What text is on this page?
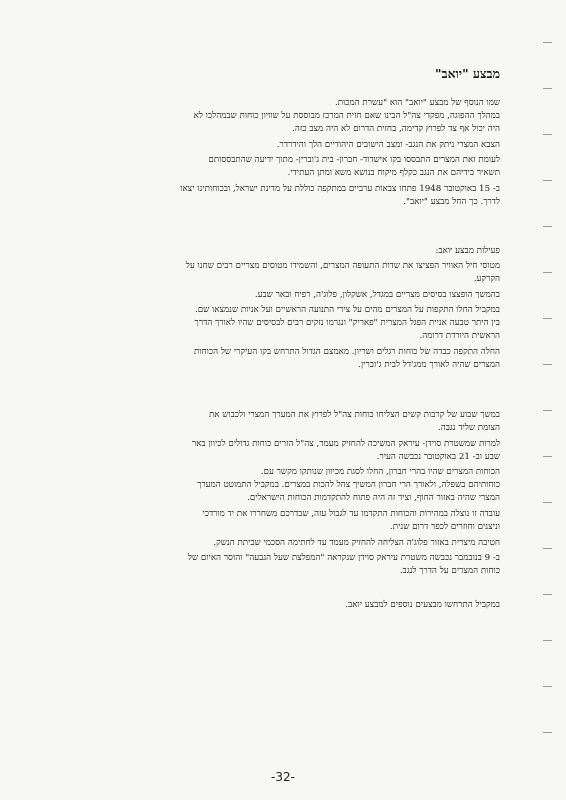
מבצע "יואב"
שמו הנוסף של מבצע "יואב" הוא "עשרת המכות.
במהלך ההפוגה, מפקדי צה"ל הבינו שאם חזית המרכז מבוססת על שוויון כוחות שבמהלכו לא
היה יכול אף צד לפרוץ קדימה, בחזית הדרום לא היה מצב כזה.
הצבא המצרי ניתק את הנגב- ומצב הישובים היהודיים הלך והידרדר.
לעומת זאת המצרים התבססו בקו אישדוד- חברון- בית ג'וברין- מתוך ידיעה שהתבססותם
תשאיר בידיהם את הנגב כקלף מיקוח בנושא משא ומתן העתידי.
ב- 15 באוקטובר 1948 פתחו צבאות ערביים במתקפה כוללת על מדינת ישראל, ובכוחותינו יצאו
לדרך. כך החל מבצע "יואב".
פעילות מבצע יואב:
מטוסי חיל האוויר הפציצו את שדות התעופה המצרים, והשמידו מטוסים מצריים רבים שחנו על
הקרקע.
בהמשך הופצצו בסיסים מצריים במגדל, אשקלון, פלוג'ה, רפיח ובאר שבע.
במקביל החלו התקפות על המצרים מהים על צירי התנועה הראשיים ועל אניות שנמצאו שם.
בין היתר טבעה אניית הפגל המצרית "פאריק" ונגרמו נזקים רבים לבסיסים שהיו לאורך הדרך
הראשית היורדת דרומה.
החלה התקפה כבדה של כוחות רגלים ושריון. מאמצם הגדול התרחש בקו העיקרי של הכוחות
המצרים שהיה לאורך ממג'דל לבית ג'וברין.
במשך שבוע של קרבות קשים הצליחו כוחות צה"ל לפרוץ את המערך המצרי ולכבוש את
הצומת שליד נגבה.
למרות שמשטרת סוידן- עיראק המשיכה להחזיק מעמד, צה"ל הזרים כוחות גדולים לכיוון באר
שבע וב- 21 באוקטובר נכבשה העיר.
הכוחות המצרים שהיו בהרי חברון, החלו לסגת מכיוון שנותקו מקשר עם.
כוחותיהם בשפלה, ולאורך הרי חברון המשיך צהל להכות במצרים. במקביל התמוטט המערך
המצרי שהיה באזור החוף, וציר זה היה פתוח להתקדמות הכוחות הישראלים.
עובדה זו נוצלה במהירות והכוחות התקדמו עד לגבול עזה, שבדרכם משחררו את יד מורדכי
וניצנים וחוזרים לכפר דרום שנית.
חטיבה מיצרית באזור פלוג'ה הצליחה להחזיק מעמד עד לחתימה הסכמי שביתת הנשק.
ב- 9 בנובמבר נכבשה משטרת עיראק סוידן שנקראה "המפלצת שעל הגבעה" והוסר האיום של
כוחות המצרים על הדרך לנגב.
במקביל התרחשו מבצעים נוספים למבצע יואב.
-32-
